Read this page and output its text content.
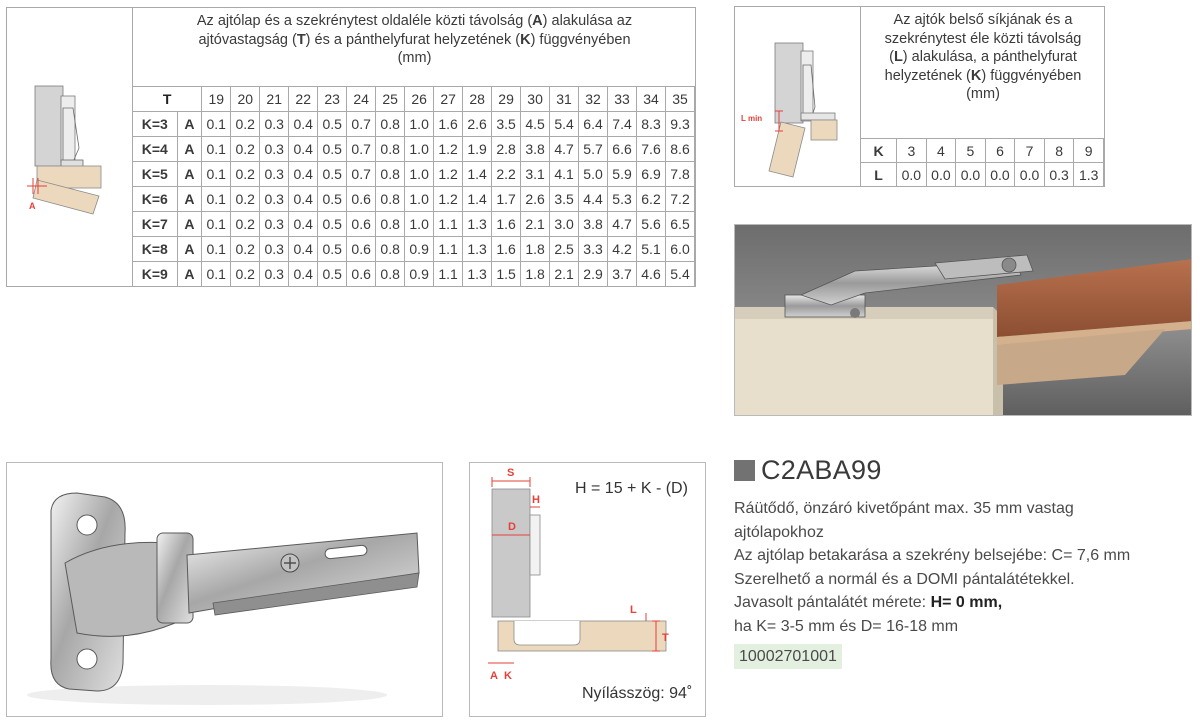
A
Az ajtólap és a szekrénytest oldaléle közti távolság (A) alakulása az
ajtóvastagság (T) és a pánthelyfurat helyzetének (K) függvényében
(mm)
T		19	20	21	22	23	24	25	26	27	28	29	30	31	32	33	34	35
K=3	A	0.1	0.2	0.3	0.4	0.5	0.7	0.8	1.0	1.6	2.6	3.5	4.5	5.4	6.4	7.4	8.3	9.3
K=4	A	0.1	0.2	0.3	0.4	0.5	0.7	0.8	1.0	1.2	1.9	2.8	3.8	4.7	5.7	6.6	7.6	8.6
K=5	A	0.1	0.2	0.3	0.4	0.5	0.7	0.8	1.0	1.2	1.4	2.2	3.1	4.1	5.0	5.9	6.9	7.8
K=6	A	0.1	0.2	0.3	0.4	0.5	0.6	0.8	1.0	1.2	1.4	1.7	2.6	3.5	4.4	5.3	6.2	7.2
K=7	A	0.1	0.2	0.3	0.4	0.5	0.6	0.8	1.0	1.1	1.3	1.6	2.1	3.0	3.8	4.7	5.6	6.5
K=8	A	0.1	0.2	0.3	0.4	0.5	0.6	0.8	0.9	1.1	1.3	1.6	1.8	2.5	3.3	4.2	5.1	6.0
K=9	A	0.1	0.2	0.3	0.4	0.5	0.6	0.8	0.9	1.1	1.3	1.5	1.8	2.1	2.9	3.7	4.6	5.4
L min
Az ajtók belső síkjának és a
szekrénytest éle közti távolság
(L) alakulása, a pánthelyfurat
helyzetének (K) függvényében
(mm)
K	3	4	5	6	7	8	9
L	0.0	0.0	0.0	0.0	0.0	0.3	1.3
S
H
D
L
T
A K
H = 15 + K - (D)
Nyílásszög: 94˚
C2ABA99
Ráütődő, önzáró kivetőpánt max. 35 mm vastag
ajtólapokhoz
Az ajtólap betakarása a szekrény belsejébe: C= 7,6 mm
Szerelhető a normál és a DOMI pántalátétekkel.
Javasolt pántalátét mérete: H= 0 mm,
ha K= 3-5 mm és D= 16-18 mm
10002701001
